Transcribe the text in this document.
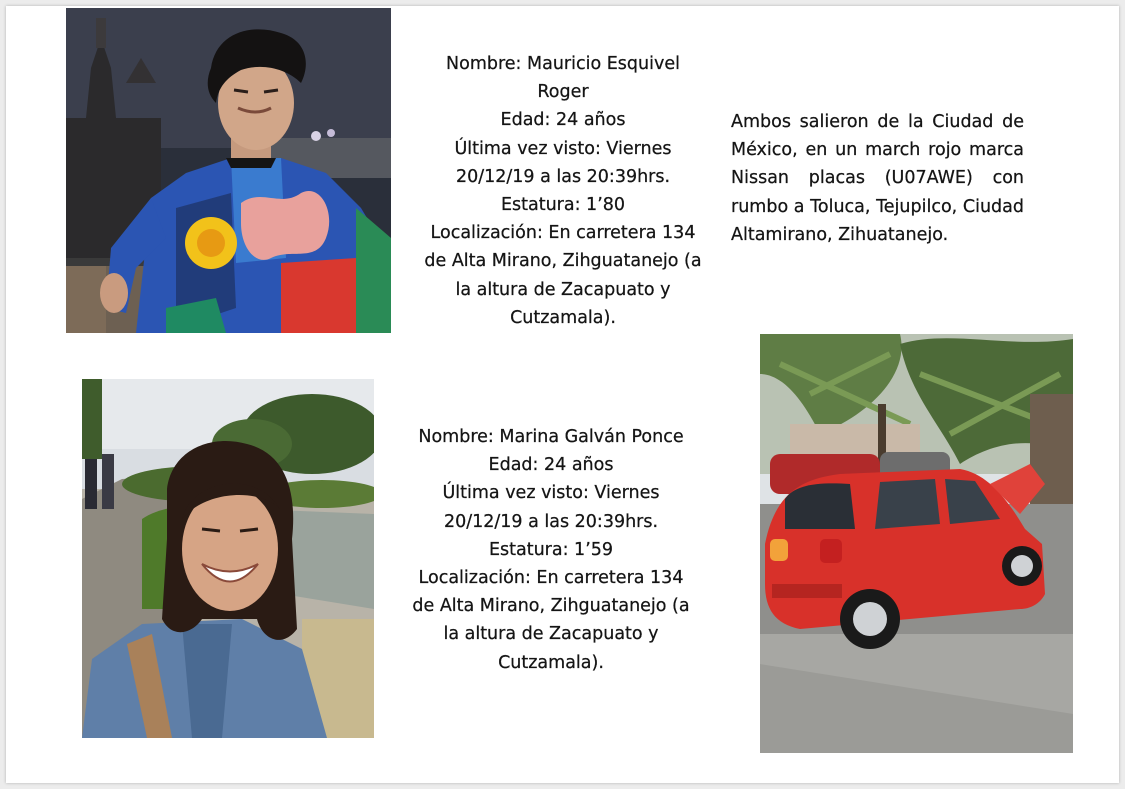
Nombre: Mauricio Esquivel Roger
Edad: 24 años
Última vez visto: Viernes 20/12/19 a las 20:39hrs.
Estatura: 1’80
Localización: En carretera 134 de Alta Mirano, Zihguatanejo (a la altura de Zacapuato y Cutzamala).
Ambos salieron de la Ciudad de México, en un march rojo marca Nissan placas (U07AWE) con rumbo a Toluca, Tejupilco, Ciudad Altamirano, Zihuatanejo.
Nombre: Marina Galván Ponce
Edad: 24 años
Última vez visto: Viernes 20/12/19 a las 20:39hrs.
Estatura: 1’59
Localización: En carretera 134 de Alta Mirano, Zihguatanejo (a la altura de Zacapuato y Cutzamala).
